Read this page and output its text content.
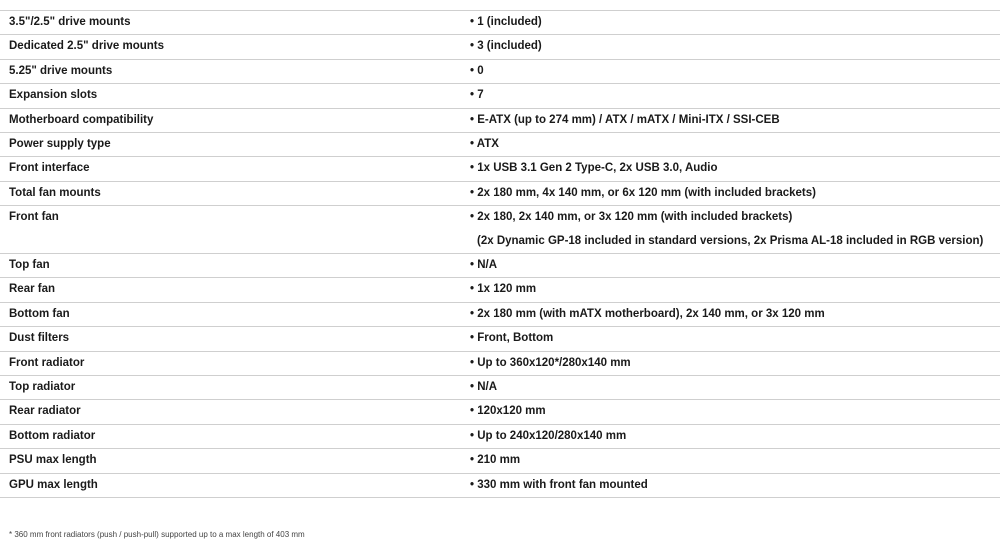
3.5"/2.5" drive mounts	• 1 (included)
Dedicated 2.5" drive mounts	• 3 (included)
5.25" drive mounts	• 0
Expansion slots	• 7
Motherboard compatibility	• E-ATX (up to 274 mm) / ATX / mATX / Mini-ITX / SSI-CEB
Power supply type	• ATX
Front interface	• 1x USB 3.1 Gen 2 Type-C, 2x USB 3.0, Audio
Total fan mounts	• 2x 180 mm, 4x 140 mm, or 6x 120 mm (with included brackets)
Front fan	• 2x 180, 2x 140 mm, or 3x 120 mm (with included brackets)
(2x Dynamic GP-18 included in standard versions, 2x Prisma AL-18 included in RGB version)
Top fan	• N/A
Rear fan	• 1x 120 mm
Bottom fan	• 2x 180 mm (with mATX motherboard), 2x 140 mm, or 3x 120 mm
Dust filters	• Front, Bottom
Front radiator	• Up to 360x120*/280x140 mm
Top radiator	• N/A
Rear radiator	• 120x120 mm
Bottom radiator	• Up to 240x120/280x140 mm
PSU max length	• 210 mm
GPU max length	• 330 mm with front fan mounted
* 360 mm front radiators (push / push-pull) supported up to a max length of 403 mm
